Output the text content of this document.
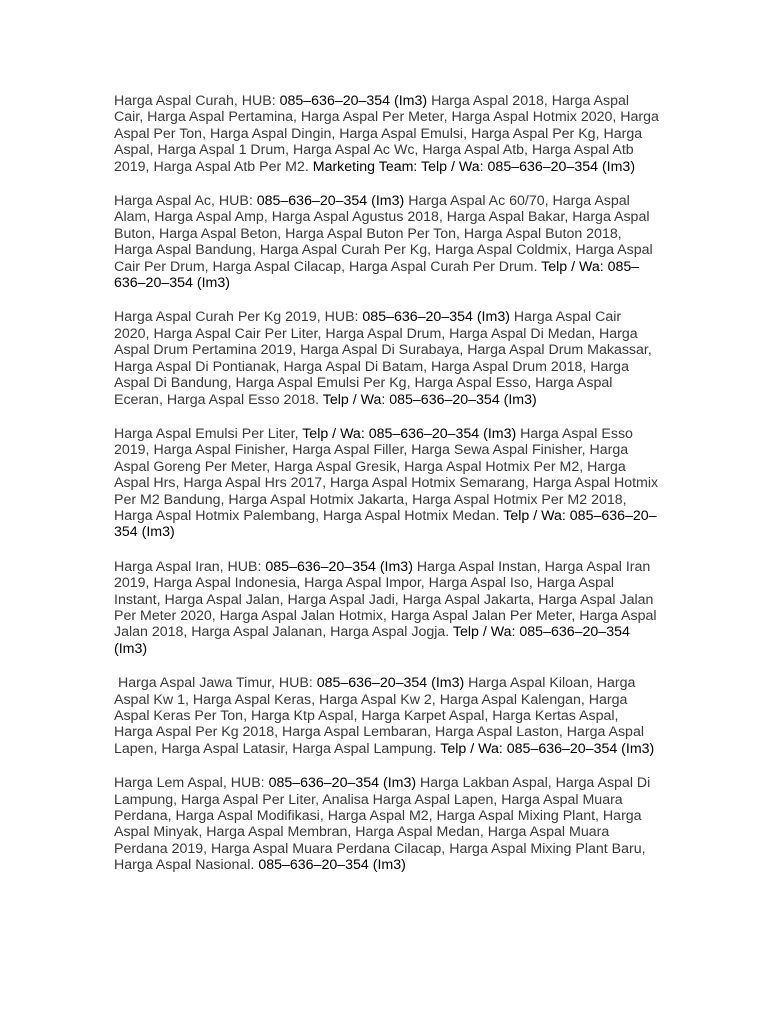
Harga Aspal Curah, HUB: 085–636–20–354 (Im3) Harga Aspal 2018, Harga Aspal Cair, Harga Aspal Pertamina, Harga Aspal Per Meter, Harga Aspal Hotmix 2020, Harga Aspal Per Ton, Harga Aspal Dingin, Harga Aspal Emulsi, Harga Aspal Per Kg, Harga Aspal, Harga Aspal 1 Drum, Harga Aspal Ac Wc, Harga Aspal Atb, Harga Aspal Atb 2019, Harga Aspal Atb Per M2. Marketing Team: Telp / Wa: 085–636–20–354 (Im3)

Harga Aspal Ac, HUB: 085–636–20–354 (Im3) Harga Aspal Ac 60/70, Harga Aspal Alam, Harga Aspal Amp, Harga Aspal Agustus 2018, Harga Aspal Bakar, Harga Aspal Buton, Harga Aspal Beton, Harga Aspal Buton Per Ton, Harga Aspal Buton 2018, Harga Aspal Bandung, Harga Aspal Curah Per Kg, Harga Aspal Coldmix, Harga Aspal Cair Per Drum, Harga Aspal Cilacap, Harga Aspal Curah Per Drum. Telp / Wa: 085–636–20–354 (Im3)

Harga Aspal Curah Per Kg 2019, HUB: 085–636–20–354 (Im3) Harga Aspal Cair 2020, Harga Aspal Cair Per Liter, Harga Aspal Drum, Harga Aspal Di Medan, Harga Aspal Drum Pertamina 2019, Harga Aspal Di Surabaya, Harga Aspal Drum Makassar, Harga Aspal Di Pontianak, Harga Aspal Di Batam, Harga Aspal Drum 2018, Harga Aspal Di Bandung, Harga Aspal Emulsi Per Kg, Harga Aspal Esso, Harga Aspal Eceran, Harga Aspal Esso 2018. Telp / Wa: 085–636–20–354 (Im3)

Harga Aspal Emulsi Per Liter, Telp / Wa: 085–636–20–354 (Im3) Harga Aspal Esso 2019, Harga Aspal Finisher, Harga Aspal Filler, Harga Sewa Aspal Finisher, Harga Aspal Goreng Per Meter, Harga Aspal Gresik, Harga Aspal Hotmix Per M2, Harga Aspal Hrs, Harga Aspal Hrs 2017, Harga Aspal Hotmix Semarang, Harga Aspal Hotmix Per M2 Bandung, Harga Aspal Hotmix Jakarta, Harga Aspal Hotmix Per M2 2018, Harga Aspal Hotmix Palembang, Harga Aspal Hotmix Medan. Telp / Wa: 085–636–20–354 (Im3)

Harga Aspal Iran, HUB: 085–636–20–354 (Im3) Harga Aspal Instan, Harga Aspal Iran 2019, Harga Aspal Indonesia, Harga Aspal Impor, Harga Aspal Iso, Harga Aspal Instant, Harga Aspal Jalan, Harga Aspal Jadi, Harga Aspal Jakarta, Harga Aspal Jalan Per Meter 2020, Harga Aspal Jalan Hotmix, Harga Aspal Jalan Per Meter, Harga Aspal Jalan 2018, Harga Aspal Jalanan, Harga Aspal Jogja. Telp / Wa: 085–636–20–354 (Im3)

Harga Aspal Jawa Timur, HUB: 085–636–20–354 (Im3) Harga Aspal Kiloan, Harga Aspal Kw 1, Harga Aspal Keras, Harga Aspal Kw 2, Harga Aspal Kalengan, Harga Aspal Keras Per Ton, Harga Ktp Aspal, Harga Karpet Aspal, Harga Kertas Aspal, Harga Aspal Per Kg 2018, Harga Aspal Lembaran, Harga Aspal Laston, Harga Aspal Lapen, Harga Aspal Latasir, Harga Aspal Lampung. Telp / Wa: 085–636–20–354 (Im3)

Harga Lem Aspal, HUB: 085–636–20–354 (Im3) Harga Lakban Aspal, Harga Aspal Di Lampung, Harga Aspal Per Liter, Analisa Harga Aspal Lapen, Harga Aspal Muara Perdana, Harga Aspal Modifikasi, Harga Aspal M2, Harga Aspal Mixing Plant, Harga Aspal Minyak, Harga Aspal Membran, Harga Aspal Medan, Harga Aspal Muara Perdana 2019, Harga Aspal Muara Perdana Cilacap, Harga Aspal Mixing Plant Baru, Harga Aspal Nasional. 085–636–20–354 (Im3)
